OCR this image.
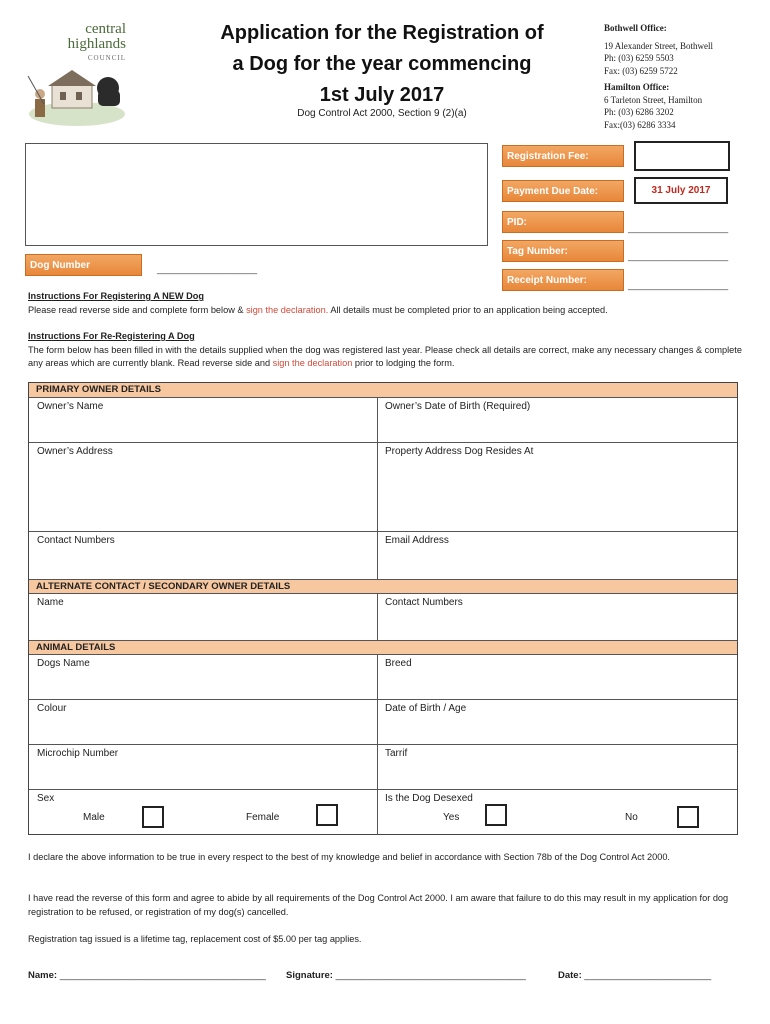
central
highlands
COUNCIL
Application for the Registration of
a Dog for the year commencing
1st July 2017
Dog Control Act 2000, Section 9 (2)(a)
Bothwell Office:
19 Alexander Street, Bothwell
Ph: (03) 6259 5503
Fax: (03) 6259 5722
Hamilton Office:
6 Tarleton Street, Hamilton
Ph: (03) 6286 3202
Fax:(03) 6286 3334
Dog Number	____________________
Registration Fee:
Payment Due Date:	31 July 2017
PID:
____________________
Tag Number:	____________________
Receipt Number:	____________________
Instructions For Registering A NEW Dog
Please read reverse side and complete form below & sign the declaration. All details must be completed prior to an application being accepted.
Instructions For Re-Registering A Dog
The form below has been filled in with the details supplied when the dog was registered last year. Please check all details are correct, make any necessary changes & complete any areas which are currently blank. Read reverse side and sign the declaration prior to lodging the form.
PRIMARY OWNER DETAILS
Owner’s Name	Owner’s Date of Birth (Required)
Owner’s Address	Property Address Dog Resides At
Contact Numbers	Email Address
ALTERNATE CONTACT / SECONDARY OWNER DETAILS
Name	Contact Numbers
ANIMAL DETAILS
Dogs Name	Breed
Colour	Date of Birth / Age
Microchip Number	Tarrif
Sex	Is the Dog Desexed
Male	Female	Yes	No
I declare the above information to be true in every respect to the best of my knowledge and belief in accordance with Section 78b of the Dog Control Act 2000.
I have read the reverse of this form and agree to abide by all requirements of the Dog Control Act 2000. I am aware that failure to do this may result in my application for dog registration to be refused, or registration of my dog(s) cancelled.
Registration tag issued is a lifetime tag, replacement cost of $5.00 per tag applies.
Name: _______________________________________ Signature: ____________________________________	Date: ________________________
